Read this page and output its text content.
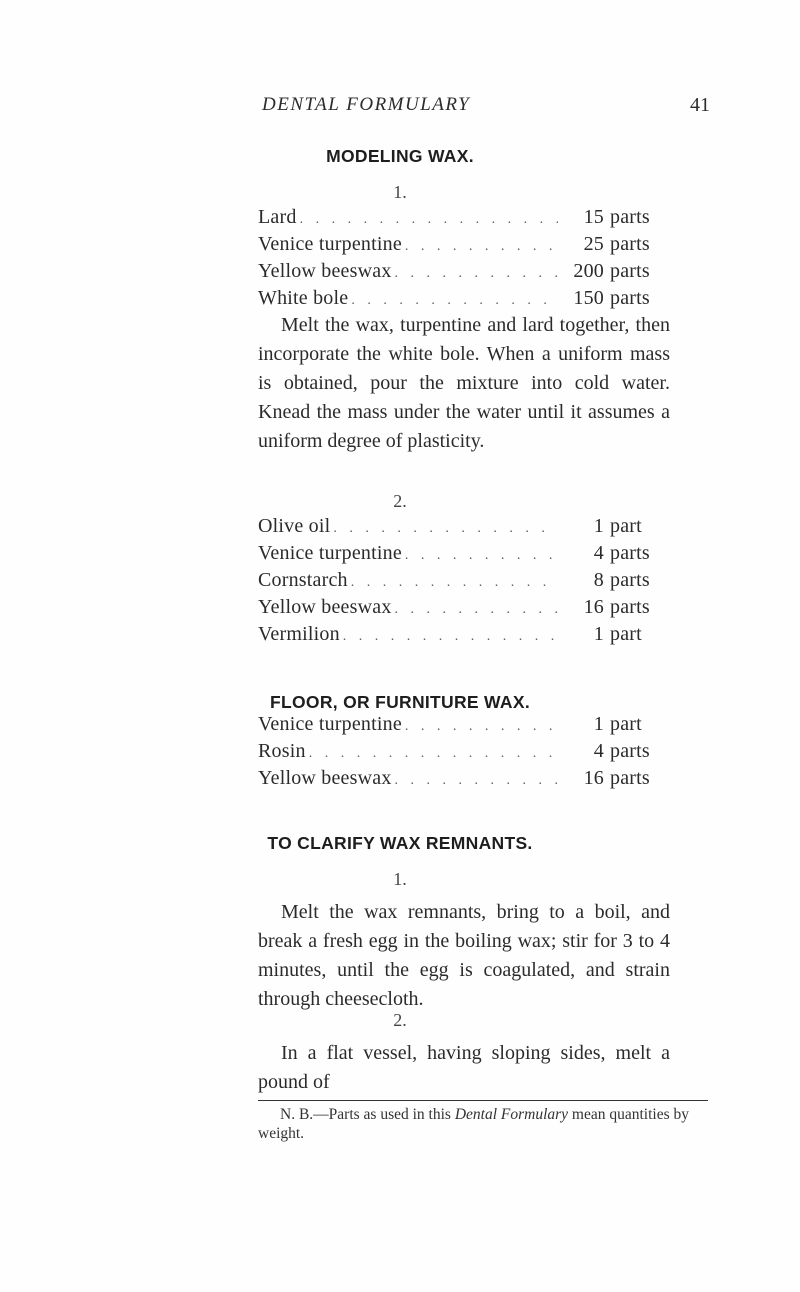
DENTAL FORMULARY	41
MODELING WAX.
1.
Lard . . .	15 parts
Venice turpentine . . .	25 parts
Yellow beeswax . . .	200 parts
White bole . . .	150 parts

Melt the wax, turpentine and lard together, then incorporate the white bole. When a uniform mass is obtained, pour the mixture into cold water. Knead the mass under the water until it assumes a uniform degree of plasticity.

2.
Olive oil . . .	1 part
Venice turpentine . . .	4 parts
Cornstarch . . .	8 parts
Yellow beeswax . . .	16 parts
Vermilion . . .	1 part
FLOOR, OR FURNITURE WAX.
Venice turpentine . . .	1 part
Rosin . . .	4 parts
Yellow beeswax . . .	16 parts
TO CLARIFY WAX REMNANTS.
1.

Melt the wax remnants, bring to a boil, and break a fresh egg in the boiling wax; stir for 3 to 4 minutes, until the egg is coagulated, and strain through cheesecloth.

2.

In a flat vessel, having sloping sides, melt a pound of

N. B.—Parts as used in this Dental Formulary mean quantities by weight.
